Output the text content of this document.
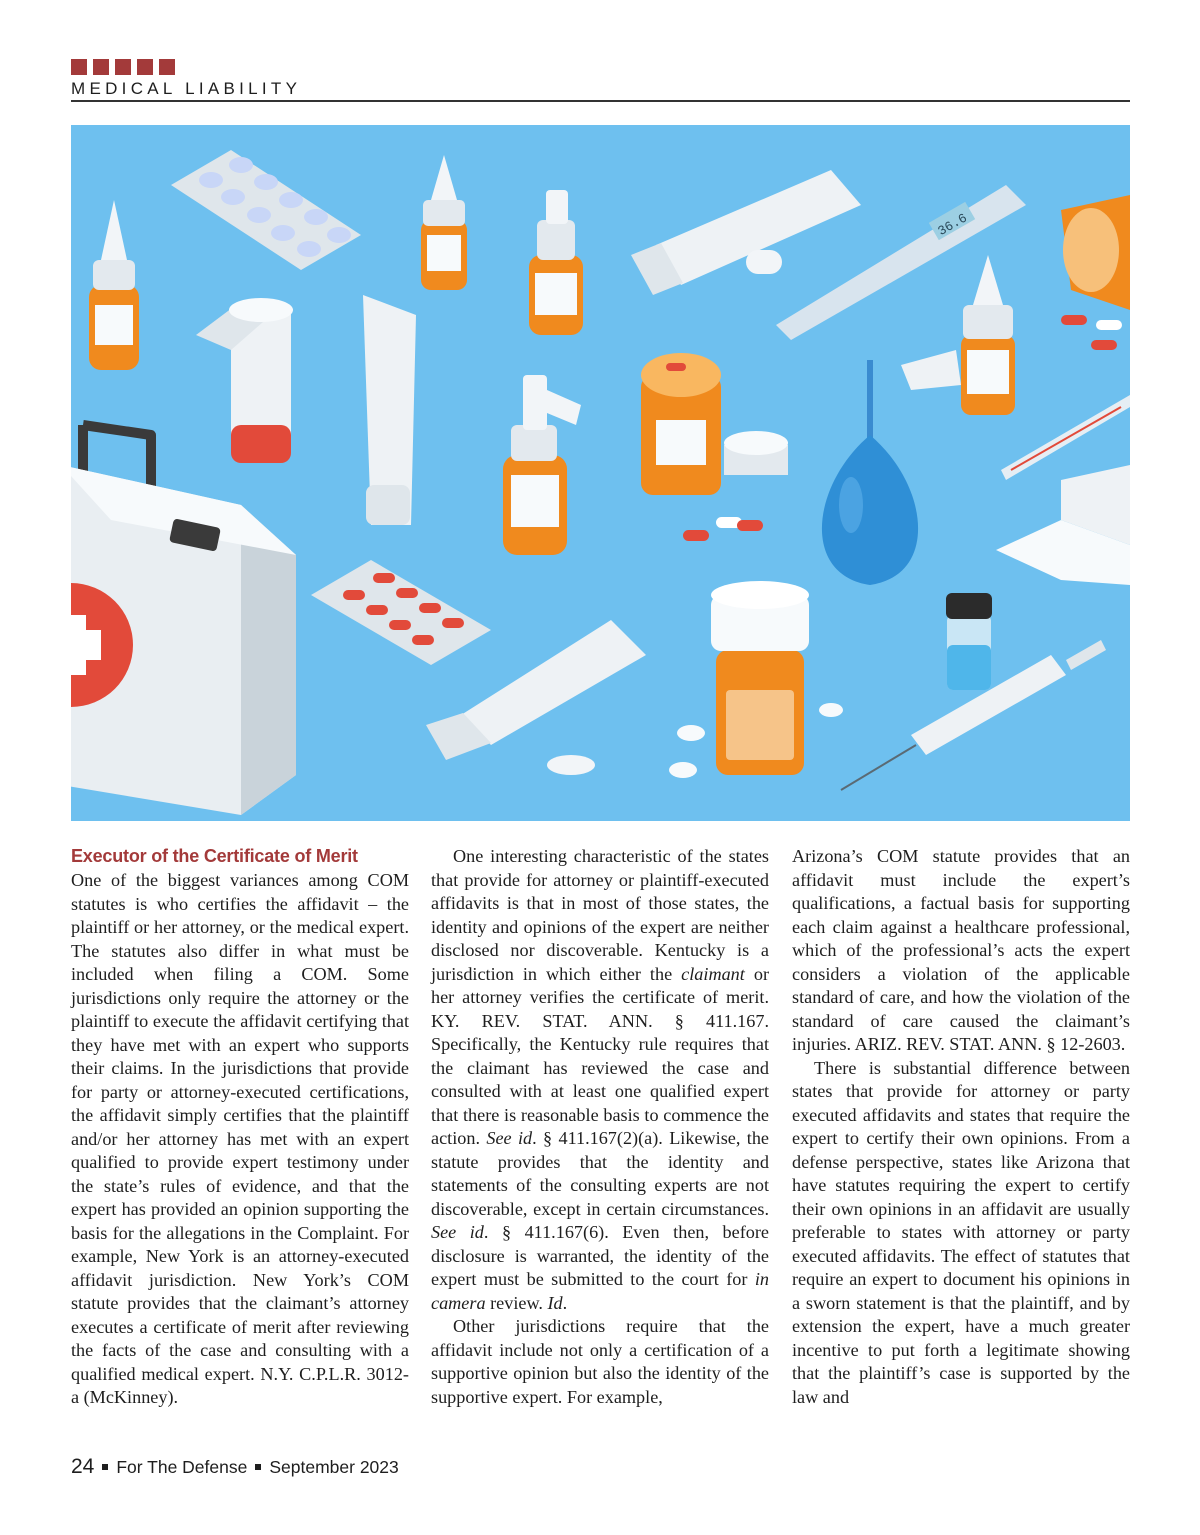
MEDICAL LIABILITY
36.6
Executor of the Certificate of Merit

One of the biggest variances among COM statutes is who certifies the affidavit – the plaintiff or her attorney, or the medical expert. The statutes also differ in what must be included when filing a COM. Some jurisdictions only require the attorney or the plaintiff to execute the affidavit certifying that they have met with an expert who supports their claims. In the jurisdictions that provide for party or attorney-executed certifications, the affidavit simply certifies that the plaintiff and/or her attorney has met with an expert qualified to provide expert testimony under the state’s rules of evidence, and that the expert has provided an opinion supporting the basis for the allegations in the Complaint. For example, New York is an attorney-executed affidavit jurisdiction. New York’s COM statute provides that the claimant’s attorney executes a certificate of merit after reviewing the facts of the case and consulting with a qualified medical expert. N.Y. C.P.L.R. 3012-a (McKinney).

One interesting characteristic of the states that provide for attorney or plaintiff-executed affidavits is that in most of those states, the identity and opinions of the expert are neither disclosed nor discoverable. Kentucky is a jurisdiction in which either the claimant or her attorney verifies the certificate of merit. KY. REV. STAT. ANN. § 411.167. Specifically, the Kentucky rule requires that the claimant has reviewed the case and consulted with at least one qualified expert that there is reasonable basis to commence the action. See id. § 411.167(2)(a). Likewise, the statute provides that the identity and statements of the consulting experts are not discoverable, except in certain circumstances. See id. § 411.167(6). Even then, before disclosure is warranted, the identity of the expert must be submitted to the court for in camera review. Id.

Other jurisdictions require that the affidavit include not only a certification of a supportive opinion but also the identity of the supportive expert. For example,

Arizona’s COM statute provides that an affidavit must include the expert’s qualifications, a factual basis for supporting each claim against a healthcare professional, which of the professional’s acts the expert considers a violation of the applicable standard of care, and how the violation of the standard of care caused the claimant’s injuries. ARIZ. REV. STAT. ANN. § 12-2603.

There is substantial difference between states that provide for attorney or party executed affidavits and states that require the expert to certify their own opinions. From a defense perspective, states like Arizona that have statutes requiring the expert to certify their own opinions in an affidavit are usually preferable to states with attorney or party executed affidavits. The effect of statutes that require an expert to document his opinions in a sworn statement is that the plaintiff, and by extension the expert, have a much greater incentive to put forth a legitimate showing that the plaintiff’s case is supported by the law and

24 For The Defense September 2023
